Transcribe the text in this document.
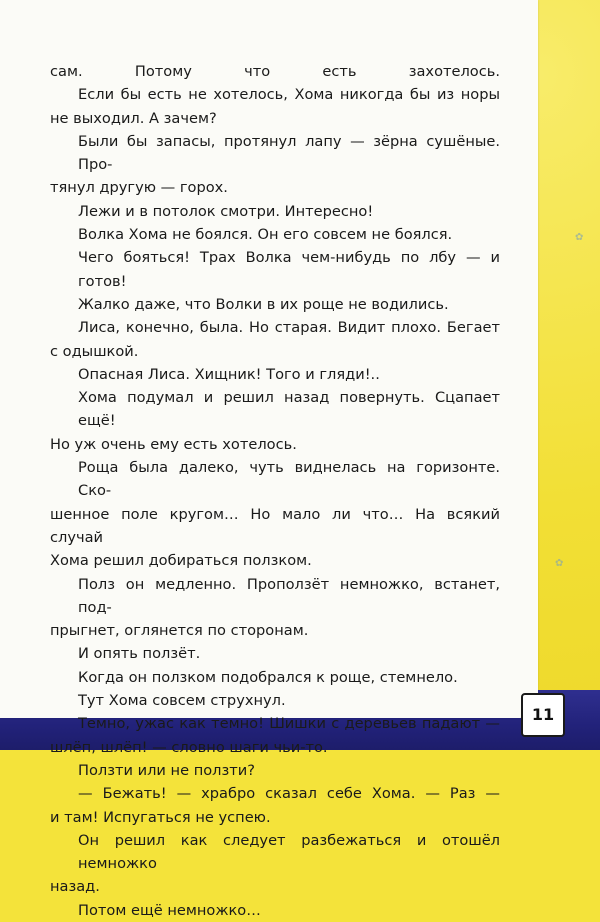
✿
✿
сам. Потому что есть захотелось.
Если бы есть не хотелось, Хома никогда бы из норы
не выходил. А зачем?
Были бы запасы, протянул лапу — зёрна сушёные. Про-
тянул другую — горох.
Лежи и в потолок смотри. Интересно!
Волка Хома не боялся. Он его совсем не боялся.
Чего бояться! Трах Волка чем-нибудь по лбу — и готов!
Жалко даже, что Волки в их роще не водились.
Лиса, конечно, была. Но старая. Видит плохо. Бегает
с одышкой.
Опасная Лиса. Хищник! Того и гляди!..
Хома подумал и решил назад повернуть. Сцапает ещё!
Но уж очень ему есть хотелось.
Роща была далеко, чуть виднелась на горизонте. Ско-
шенное поле кругом… Но мало ли что… На всякий случай
Хома решил добираться ползком.
Полз он медленно. Проползёт немножко, встанет, под-
прыгнет, оглянется по сторонам.
И опять ползёт.
Когда он ползком подобрался к роще, стемнело.
Тут Хома совсем струхнул.
Темно, ужас как темно! Шишки с деревьев падают —
шлёп, шлёп! — словно шаги чьи-то.
Ползти или не ползти?
— Бежать! — храбро сказал себе Хома. — Раз —
и там! Испугаться не успею.
Он решил как следует разбежаться и отошёл немножко
назад.
Потом ещё немножко…
11
